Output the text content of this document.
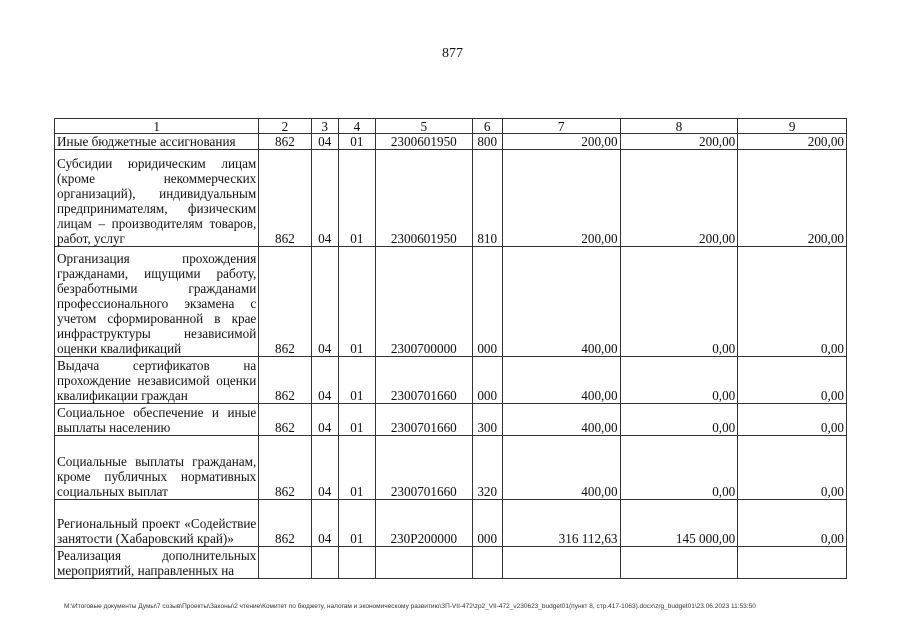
877
1	2	3	4	5	6	7	8	9
Иные бюджетные ассигнования	862	04	01	2300601950	800	200,00	200,00	200,00
Субсидии юридическим лицам (кроме некоммерческих организаций), индивидуальным предпринимателям, физическим лицам – производителям товаров, работ, услуг	862	04	01	2300601950	810	200,00	200,00	200,00
Организация прохождения гражданами, ищущими работу, безработными гражданами профессионального экзамена с учетом сформированной в крае инфраструктуры независимой оценки квалификаций	862	04	01	2300700000	000	400,00	0,00	0,00
Выдача сертификатов на прохождение независимой оценки квалификации граждан	862	04	01	2300701660	000	400,00	0,00	0,00
Социальное обеспечение и иные выплаты населению	862	04	01	2300701660	300	400,00	0,00	0,00
Социальные выплаты гражданам, кроме публичных нормативных социальных выплат	862	04	01	2300701660	320	400,00	0,00	0,00
Региональный проект «Содействие занятости (Хабаровский край)»	862	04	01	230P200000	000	316 112,63	145 000,00	0,00
Реализация дополнительных мероприятий, направленных на								
M:\Итоговые документы Думы\7 созыв\Проекты\Законы\2 чтение\Комитет по бюджету, налогам и экономическому развитию\ЗП-VII-472\zp2_VII-472_v230623_budget01(пункт 8, стр.417-1063).docx\zrg_budget01\23.06.2023 11:53:50
